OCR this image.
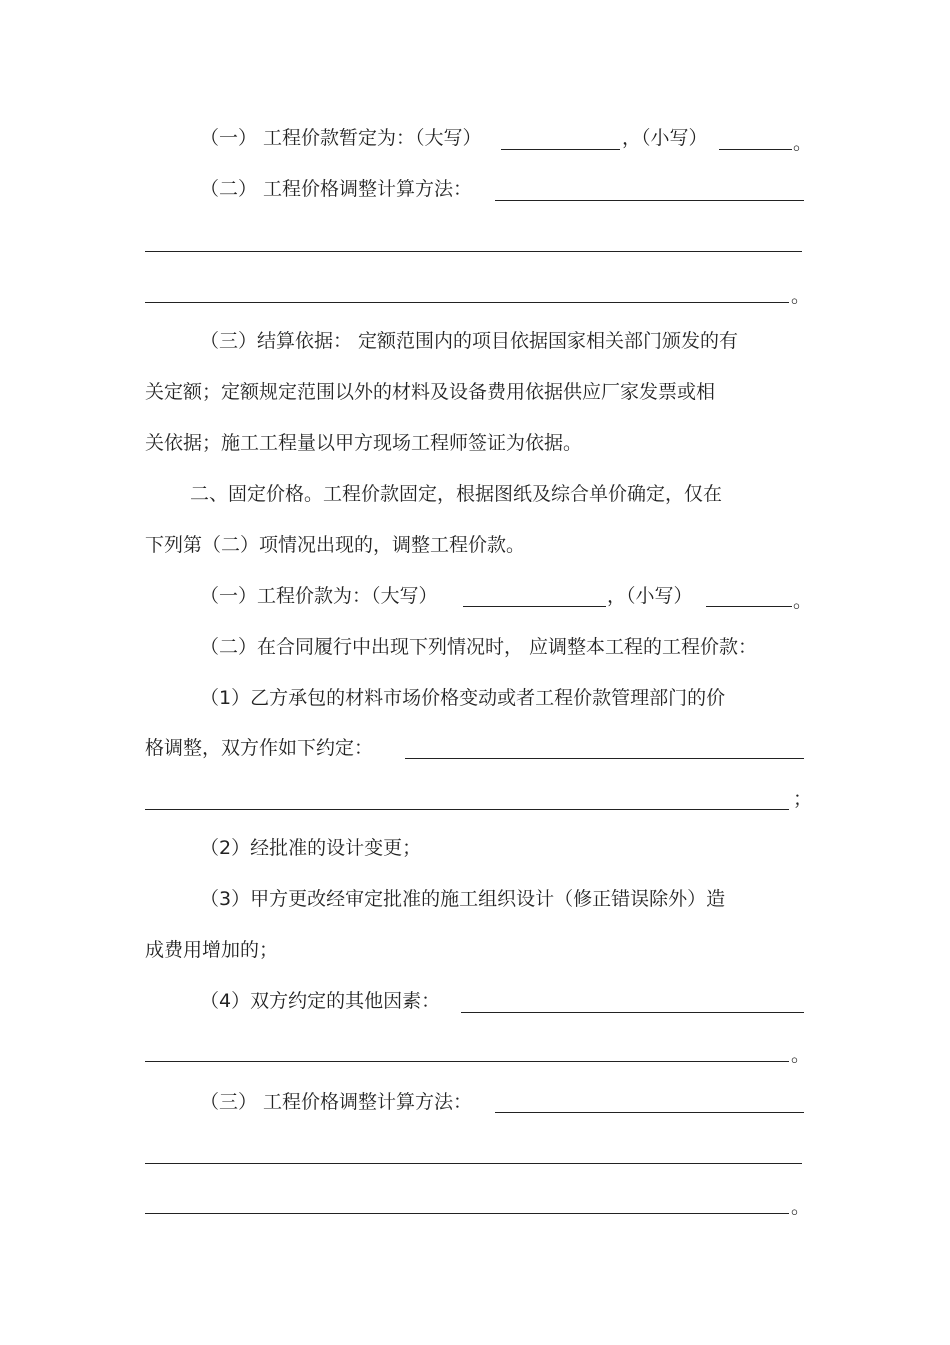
（一） 工程价款暂定为：（大写）	，（小写）	。
（二） 工程价格调整计算方法：
。
（三）结算依据： 定额范围内的项目依据国家相关部门颁发的有
关定额；定额规定范围以外的材料及设备费用依据供应厂家发票或相
关依据；施工工程量以甲方现场工程师签证为依据。
二、固定价格。工程价款固定，根据图纸及综合单价确定，仅在
下列第（二）项情况出现的，调整工程价款。
（一）工程价款为：（大写）	，（小写）	。
（二）在合同履行中出现下列情况时， 应调整本工程的工程价款：
（1）乙方承包的材料市场价格变动或者工程价款管理部门的价
格调整，双方作如下约定：
；
（2）经批准的设计变更；
（3）甲方更改经审定批准的施工组织设计（修正错误除外）造
成费用增加的；
（4）双方约定的其他因素：
。
（三） 工程价格调整计算方法：
。
